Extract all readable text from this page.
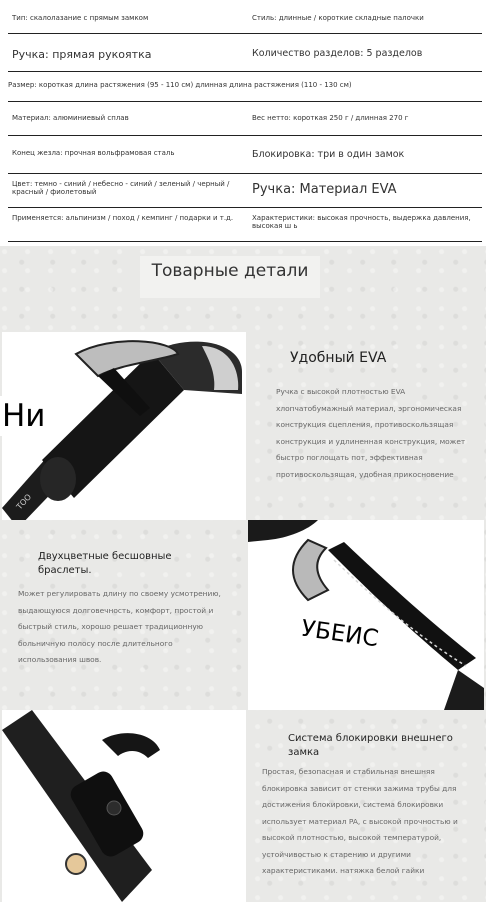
Тип: скалолазание с прямым замком	Стиль: длинные / короткие складные палочки
Ручка: прямая рукоятка	Количество разделов: 5 разделов
Размер: короткая длина растяжения (95 - 110 см) длинная длина растяжения (110 - 130 см)
Материал: алюминиевый сплав	Вес нетто: короткая 250 г / длинная 270 г
Конец жезла: прочная вольфрамовая сталь	Блокировка: три в один замок
Цвет: темно - синий / небесно - синий / зеленый / черный / красный / фиолетовый	Ручка: Материал EVA
Применяется: альпинизм / поход / кемпинг / подарки и т.д.	Характеристики: высокая прочность, выдержка давления, высокая ш ь
Товарные детали
TOO
Ни
Удобный EVA
Ручка с высокой плотностью EVA хлопчатобумажный материал, эргономическая конструкция сцепления, противоскользящая конструкция и удлиненная конструкция, может быстро поглощать пот, эффективная противоскользящая, удобная прикосновение
Двухцветные бесшовные браслеты.
Может регулировать длину по своему усмотрению, выдающуюся долговечность, комфорт, простой и быстрый стиль, хорошо решает традиционную больничную полосу после длительного использования швов.
УБЕИС
105 см
Система блокировки внешнего замка
Простая, безопасная и стабильная внешняя блокировка зависит от стенки зажима трубы для достижения блокировки, система блокировки использует материал PA, с высокой прочностью и высокой плотностью, высокой температурой, устойчивостью к старению и другими характеристиками. натяжка белой гайки
